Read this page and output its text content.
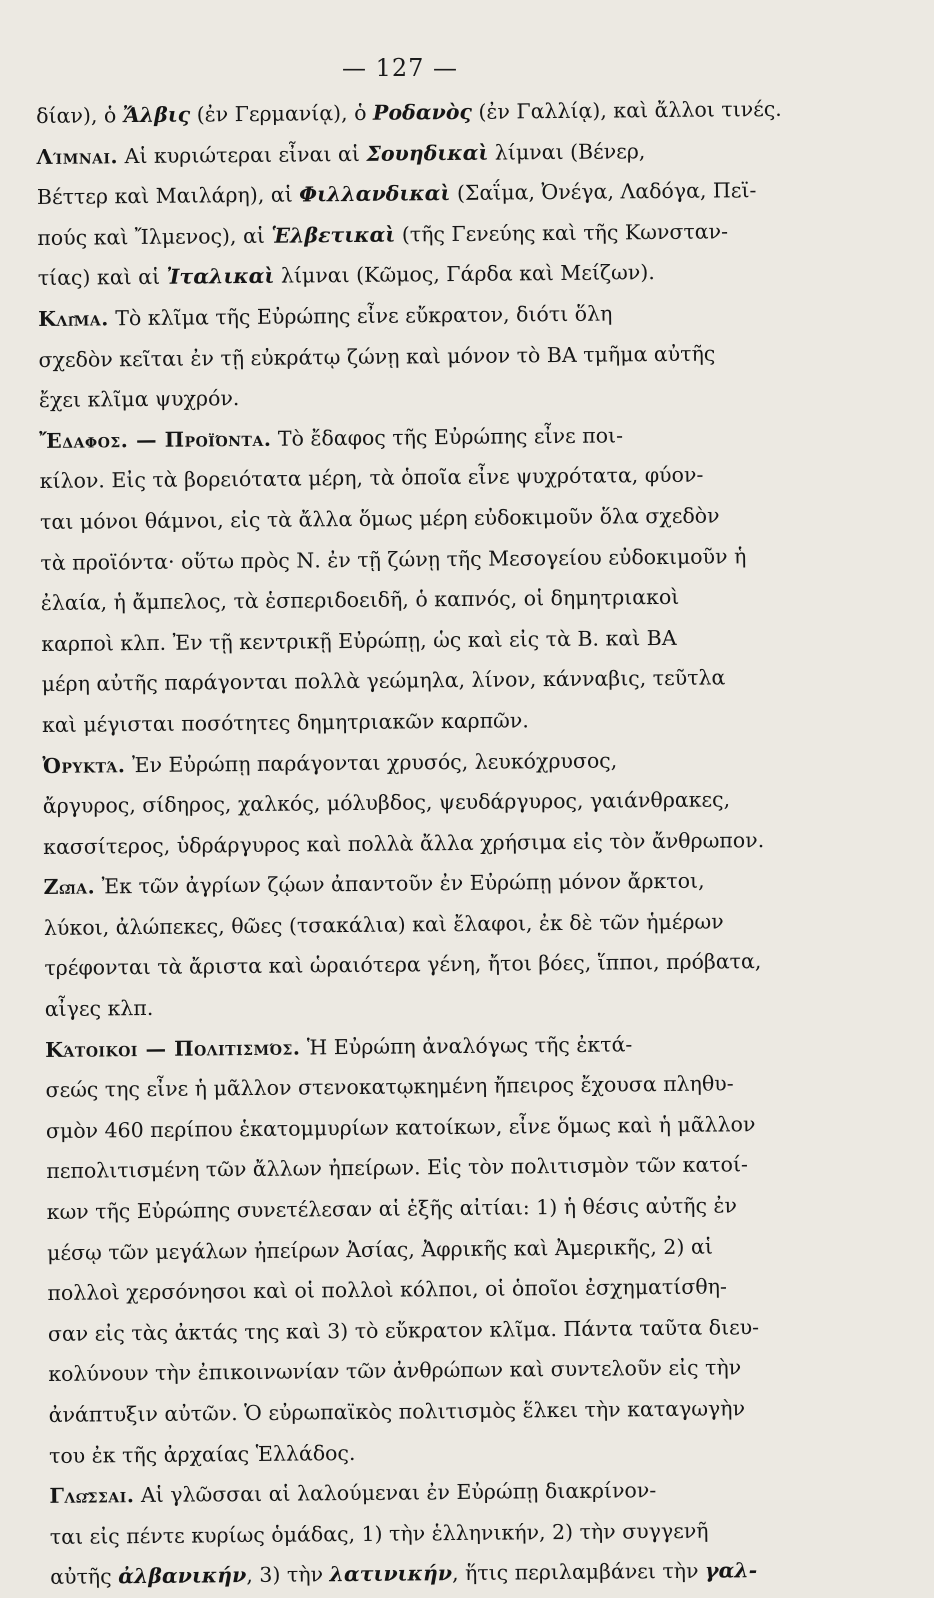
— 127 —
δίαν), ὁ Ἄλβις (ἐν Γερμανίᾳ), ὁ Ροδανὸς (ἐν Γαλλίᾳ), καὶ ἄλλοι τινές.
Λίμναι. Αἱ κυριώτεραι εἶναι αἱ Σουηδικαὶ λίμναι (Βένερ,
Βέττερ καὶ Μαιλάρη), αἱ Φιλλανδικαὶ (Σαΐμα, Ὀνέγα, Λαδόγα, Πεϊ-
πούς καὶ Ἴλμενος), αἱ Ἑλβετικαὶ (τῆς Γενεύης καὶ τῆς Κωνσταν-
τίας) καὶ αἱ Ἰταλικαὶ λίμναι (Κῶμος, Γάρδα καὶ Μείζων).
Κλῖμα. Τὸ κλῖμα τῆς Εὐρώπης εἶνε εὔκρατον, διότι ὅλη
σχεδὸν κεῖται ἐν τῇ εὐκράτῳ ζώνῃ καὶ μόνον τὸ ΒΑ τμῆμα αὐτῆς
ἔχει κλῖμα ψυχρόν.
Ἔδαφος. — Προϊόντα. Τὸ ἔδαφος τῆς Εὐρώπης εἶνε ποι-
κίλον. Εἰς τὰ βορειότατα μέρη, τὰ ὁποῖα εἶνε ψυχρότατα, φύον-
ται μόνοι θάμνοι, εἰς τὰ ἄλλα ὅμως μέρη εὐδοκιμοῦν ὅλα σχεδὸν
τὰ προϊόντα· οὕτω πρὸς Ν. ἐν τῇ ζώνῃ τῆς Μεσογείου εὐδοκιμοῦν ἡ
ἐλαία, ἡ ἄμπελος, τὰ ἑσπεριδοειδῆ, ὁ καπνός, οἱ δημητριακοὶ
καρποὶ κλπ. Ἐν τῇ κεντρικῇ Εὐρώπῃ, ὡς καὶ εἰς τὰ Β. καὶ ΒΑ
μέρη αὐτῆς παράγονται πολλὰ γεώμηλα, λίνον, κάνναβις, τεῦτλα
καὶ μέγισται ποσότητες δημητριακῶν καρπῶν.
Ὀρυκτά. Ἐν Εὐρώπῃ παράγονται χρυσός, λευκόχρυσος,
ἄργυρος, σίδηρος, χαλκός, μόλυβδος, ψευδάργυρος, γαιάνθρακες,
κασσίτερος, ὑδράργυρος καὶ πολλὰ ἄλλα χρήσιμα εἰς τὸν ἄνθρωπον.
Ζῷα. Ἐκ τῶν ἀγρίων ζῴων ἀπαντοῦν ἐν Εὐρώπῃ μόνον ἄρκτοι,
λύκοι, ἀλώπεκες, θῶες (τσακάλια) καὶ ἔλαφοι, ἐκ δὲ τῶν ἡμέρων
τρέφονται τὰ ἄριστα καὶ ὡραιότερα γένη, ἤτοι βόες, ἵπποι, πρόβατα,
αἶγες κλπ.
Κάτοικοι — Πολιτισμός. Ἡ Εὐρώπη ἀναλόγως τῆς ἐκτά-
σεώς της εἶνε ἡ μᾶλλον στενοκατῳκημένη ἤπειρος ἔχουσα πληθυ-
σμὸν 460 περίπου ἑκατομμυρίων κατοίκων, εἶνε ὅμως καὶ ἡ μᾶλλον
πεπολιτισμένη τῶν ἄλλων ἠπείρων. Εἰς τὸν πολιτισμὸν τῶν κατοί-
κων τῆς Εὐρώπης συνετέλεσαν αἱ ἑξῆς αἰτίαι: 1) ἡ θέσις αὐτῆς ἐν
μέσῳ τῶν μεγάλων ἠπείρων Ἀσίας, Ἀφρικῆς καὶ Ἀμερικῆς, 2) αἱ
πολλοὶ χερσόνησοι καὶ οἱ πολλοὶ κόλποι, οἱ ὁποῖοι ἐσχηματίσθη-
σαν εἰς τὰς ἀκτάς της καὶ 3) τὸ εὔκρατον κλῖμα. Πάντα ταῦτα διευ-
κολύνουν τὴν ἐπικοινωνίαν τῶν ἀνθρώπων καὶ συντελοῦν εἰς τὴν
ἀνάπτυξιν αὐτῶν. Ὁ εὐρωπαϊκὸς πολιτισμὸς ἕλκει τὴν καταγωγὴν
του ἐκ τῆς ἀρχαίας Ἑλλάδος.
Γλῶσσαι. Αἱ γλῶσσαι αἱ λαλούμεναι ἐν Εὐρώπῃ διακρίνον-
ται εἰς πέντε κυρίως ὁμάδας, 1) τὴν ἑλληνικήν, 2) τὴν συγγενῆ
αὐτῆς ἀλβανικήν, 3) τὴν λατινικήν, ἥτις περιλαμβάνει τὴν γαλ-
